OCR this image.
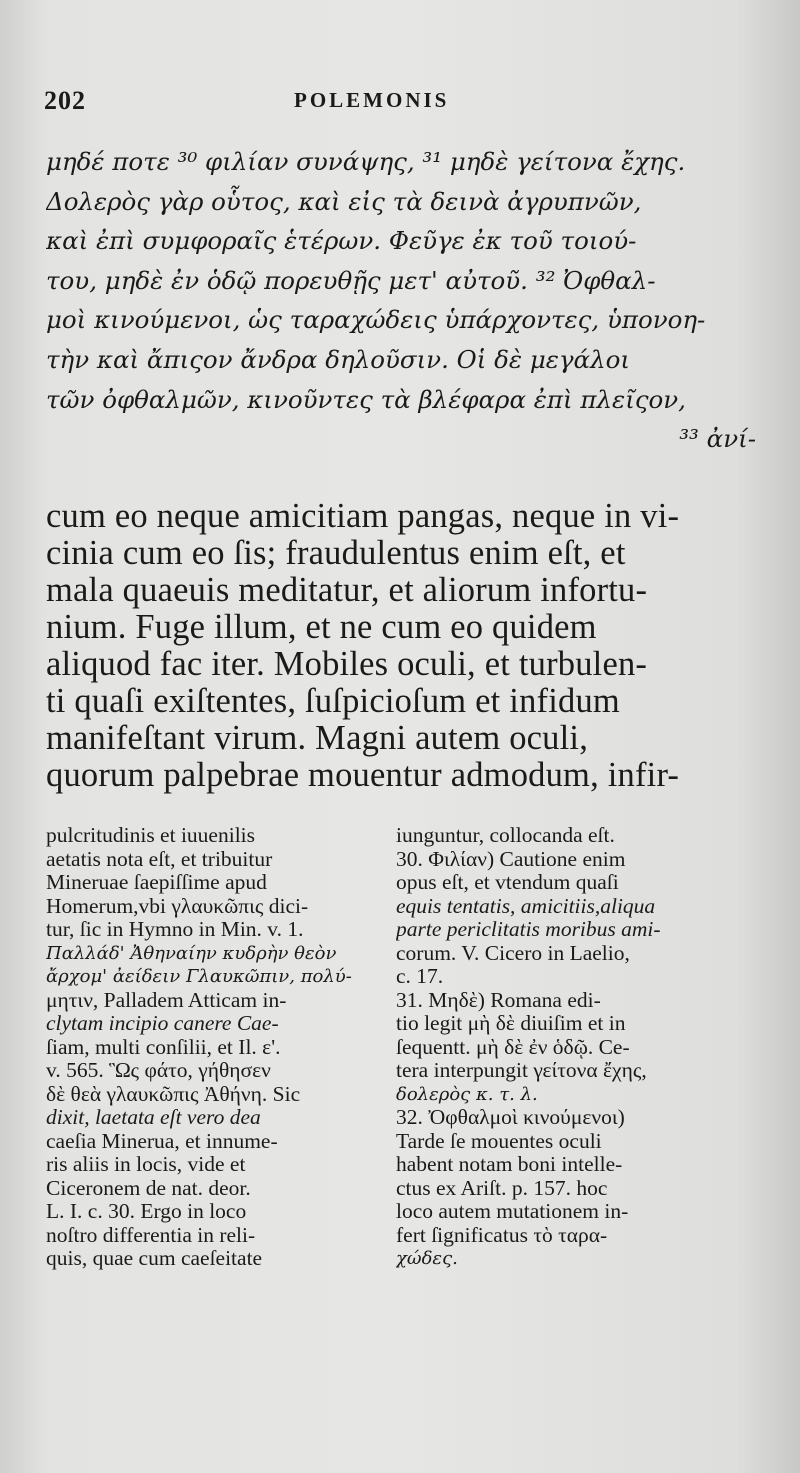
202	POLEMONIS
μηδέ ποτε ³⁰ φιλίαν συνάψης, ³¹ μηδὲ γείτονα ἔχης.
Δολερὸς γὰρ οὗτος, καὶ εἰς τὰ δεινὰ ἀγρυπνῶν,
καὶ ἐπὶ συμφοραῖς ἑτέρων. Φεῦγε ἐκ τοῦ τοιού-
του, μηδὲ ἐν ὁδῷ πορευθῇς μετ' αὐτοῦ. ³² Ὀφθαλ-
μοὶ κινούμενοι, ὡς ταραχώδεις ὑπάρχοντες, ὑπονοη-
τὴν καὶ ἄπιςον ἄνδρα δηλοῦσιν. Οἱ δὲ μεγάλοι
τῶν ὀφθαλμῶν, κινοῦντες τὰ βλέφαρα ἐπὶ πλεῖςον,
³³ ἀνί-
cum eo neque amicitiam pangas, neque in vi-
cinia cum eo ſis; fraudulentus enim eſt, et
mala quaeuis meditatur, et aliorum infortu-
nium. Fuge illum, et ne cum eo quidem
aliquod fac iter. Mobiles oculi, et turbulen-
ti quaſi exiſtentes, ſuſpicioſum et infidum
manifeſtant virum. Magni autem oculi,
quorum palpebrae mouentur admodum, infir-
pulcritudinis et iuuenilis
aetatis nota eſt, et tribuitur
Mineruae ſaepiſſime apud
Homerum,vbi γλαυκῶπις dici-
tur, ſic in Hymno in Min. v. 1.
Παλλάδ' Ἀθηναίην κυδρὴν θεὸν
ἄρχομ' ἀείδειν Γλαυκῶπιν, πολύ-
μητιν, Palladem Atticam in-
clytam incipio canere Cae-
ſiam, multi conſilii, et Il. ε'.
v. 565. Ὣς φάτο, γήθησεν
δὲ θεὰ γλαυκῶπις Ἀθήνη. Sic
dixit, laetata eſt vero dea
caeſia Minerua, et innume-
ris aliis in locis, vide et
Ciceronem de nat. deor.
L. I. c. 30. Ergo in loco
noſtro differentia in reli-
quis, quae cum caeſeitate
iunguntur, collocanda eſt.
30. Φιλίαν) Cautione enim
opus eſt, et vtendum quaſi
equis tentatis, amicitiis,aliqua
parte periclitatis moribus ami-
corum. V. Cicero in Laelio,
c. 17.
31. Μηδὲ) Romana edi-
tio legit μὴ δὲ diuiſim et in
ſequentt. μὴ δὲ ἐν ὁδῷ. Ce-
tera interpungit γείτονα ἔχης,
δολερὸς κ. τ. λ.
32. Ὀφθαλμοὶ κινούμενοι)
Tarde ſe mouentes oculi
habent notam boni intelle-
ctus ex Ariſt. p. 157. hoc
loco autem mutationem in-
fert ſignificatus τὸ ταρα-
χώδες.
